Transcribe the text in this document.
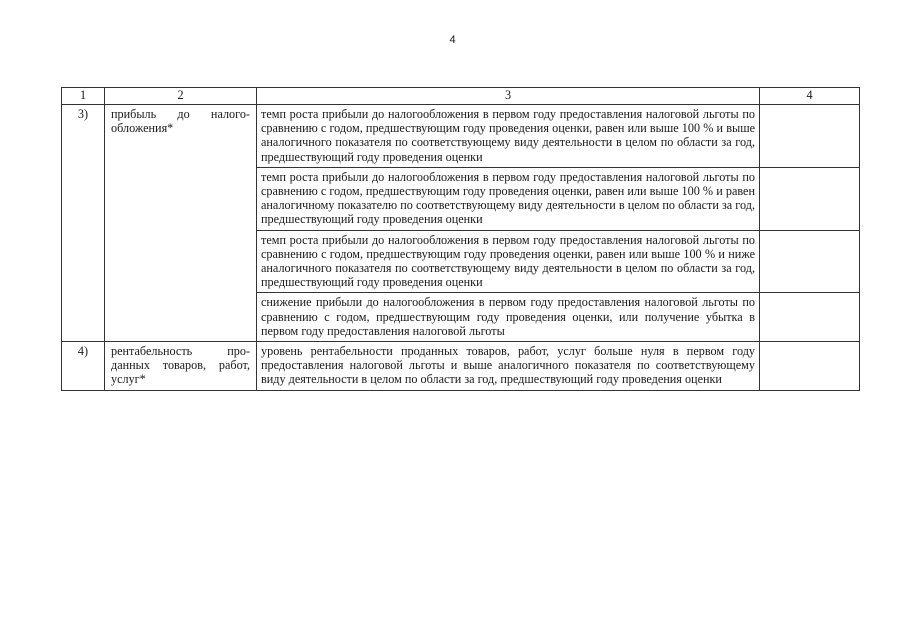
4
1	2	3	4
3)	прибыль до налого-обложения*	темп роста прибыли до налогообложения в первом году предоставления налоговой льготы по сравнению с годом, предшествующим году проведения оценки, равен или выше 100 % и выше аналогичного показателя по соответствующему виду деятельности в целом по области за год, предшествующий году проведения оценки	
		темп роста прибыли до налогообложения в первом году предоставления налоговой льготы по сравнению с годом, предшествующим году проведения оценки, равен или выше 100 % и равен аналогичному показателю по соответствующему виду деятельности в целом по области за год, предшествующий году проведения оценки	
		темп роста прибыли до налогообложения в первом году предоставления налоговой льготы по сравнению с годом, предшествующим году проведения оценки, равен или выше 100 % и ниже аналогичного показателя по соответствующему виду деятельности в целом по области за год, предшествующий году проведения оценки	
		снижение прибыли до налогообложения в первом году предоставления налоговой льготы по сравнению с годом, предшествующим году проведения оценки, или получение убытка в первом году предоставления налоговой льготы	
4)	рентабельность про-данных товаров, работ, услуг*	уровень рентабельности проданных товаров, работ, услуг больше нуля в первом году предоставления налоговой льготы и выше аналогичного показателя по соответствующему виду деятельности в целом по области за год, предшествующий году проведения оценки	
